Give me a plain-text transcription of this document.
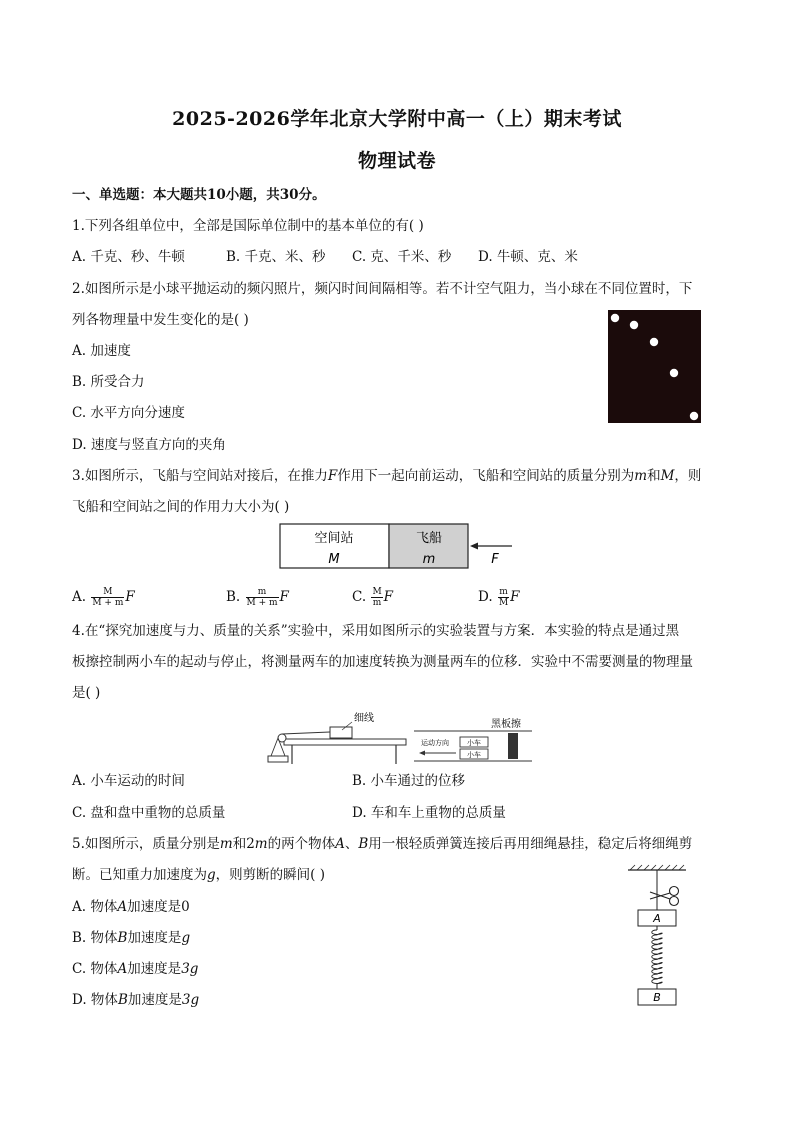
2025-2026学年北京大学附中高一（上）期末考试
物理试卷
一、单选题：本大题共10小题，共30分。
1.下列各组单位中，全部是国际单位制中的基本单位的有( )
A. 千克、秒、牛顿	B. 千克、米、秒 C. 克、千米、秒 D. 牛顿、克、米
2.如图所示是小球平抛运动的频闪照片，频闪时间间隔相等。若不计空气阻力，当小球在不同位置时，下
列各物理量中发生变化的是( )
A. 加速度
B. 所受合力
C. 水平方向分速度
D. 速度与竖直方向的夹角
3.如图所示，飞船与空间站对接后，在推力F作用下一起向前运动，飞船和空间站的质量分别为m和M，则
飞船和空间站之间的作用力大小为( )
空间站
M
飞船
m	F
A. $\frac{M}{M + m}$ F	B. $\frac{m}{M + m}$ F	C. $\frac{M}{m}$ F	D. $\frac{m}{M}$ F
4.在“探究加速度与力、质量的关系”实验中，采用如图所示的实验装置与方案．本实验的特点是通过黑
板擦控制两小车的起动与停止，将测量两车的加速度转换为测量两车的位移．实验中不需要测量的物理量
是( )
细线
小车
小车
黑板擦
运动方向
A. 小车运动的时间	B. 小车通过的位移
C. 盘和盘中重物的总质量	D. 车和车上重物的总质量
5.如图所示，质量分别是m和2m的两个物体A、B用一根轻质弹簧连接后再用细绳悬挂，稳定后将细绳剪
断。已知重力加速度为g，则剪断的瞬间( )
A. 物体A加速度是0
B. 物体B加速度是g
C. 物体A加速度是3g
D. 物体B加速度是3g
A
B
